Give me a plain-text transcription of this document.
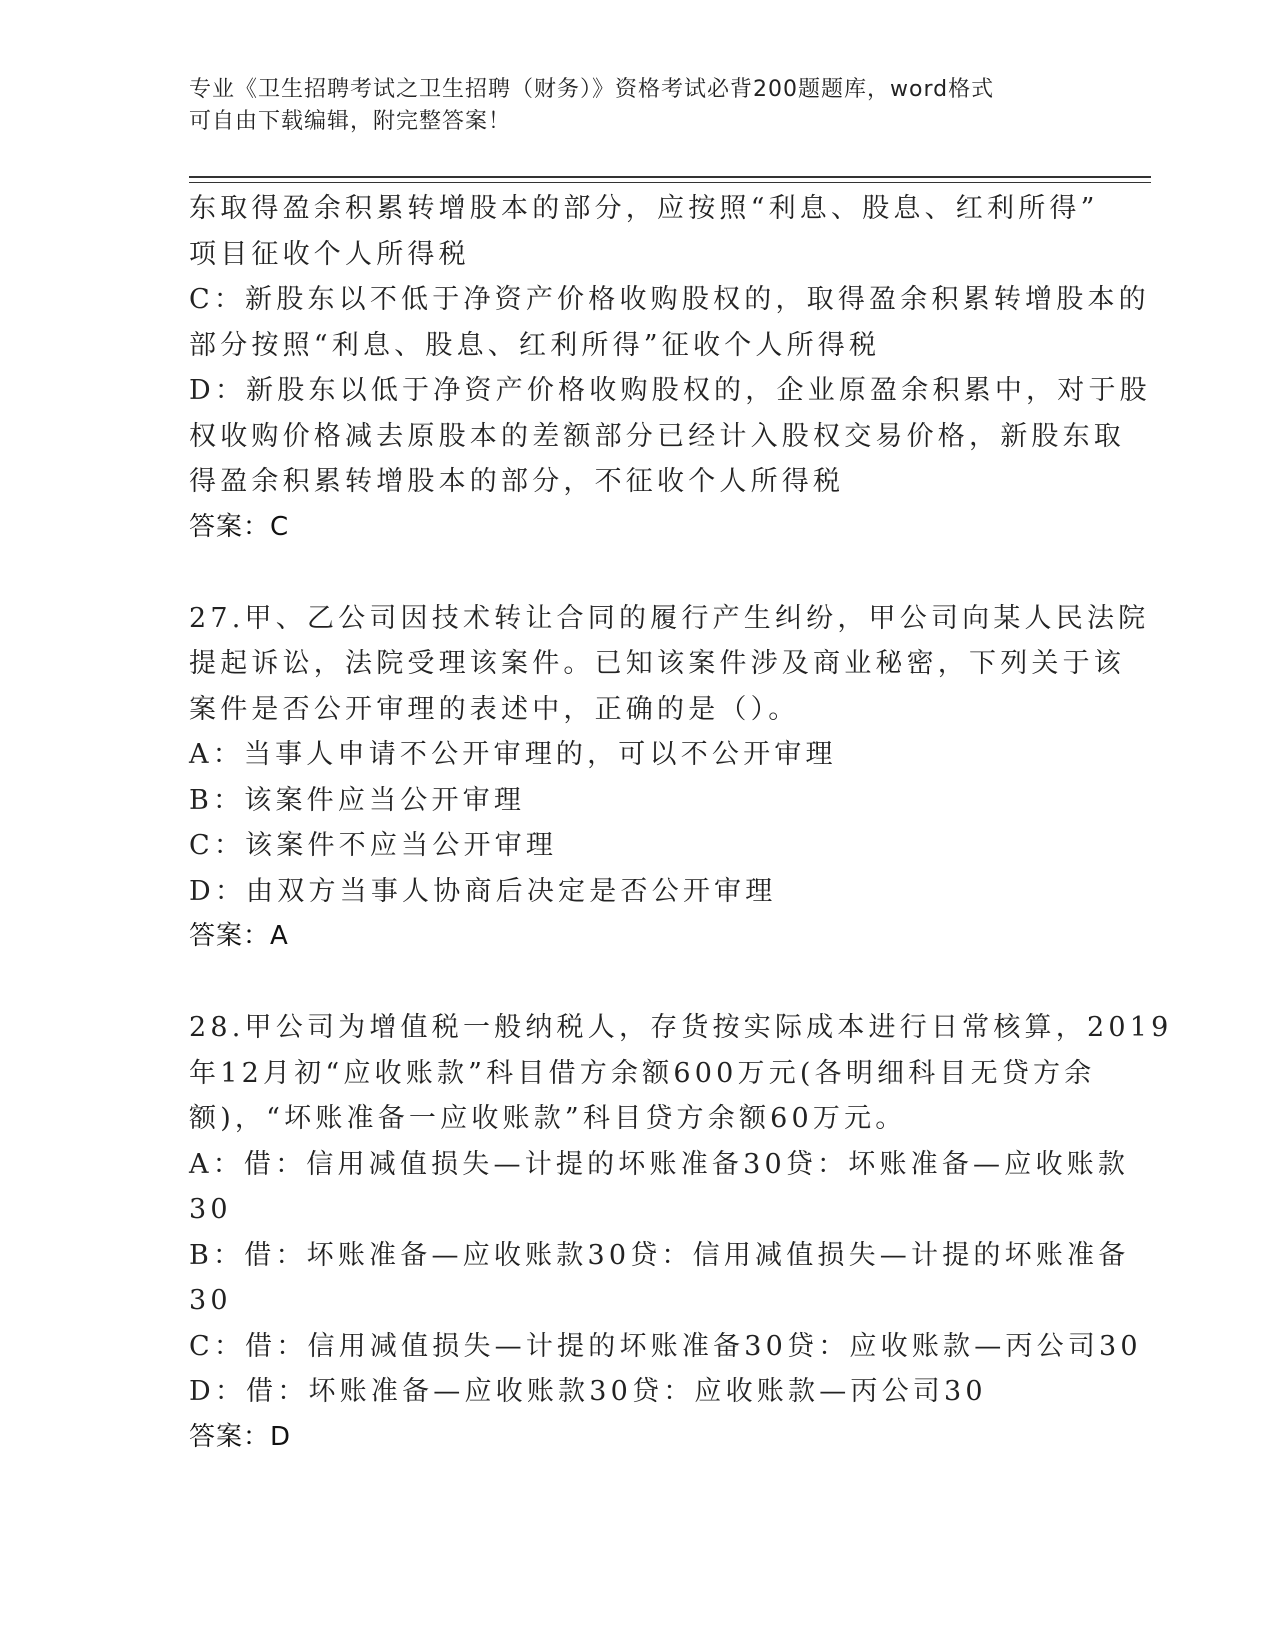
专业《卫生招聘考试之卫生招聘（财务）》资格考试必背200题题库，word格式
可自由下载编辑，附完整答案！
东取得盈余积累转增股本的部分，应按照“利息、股息、红利所得”
项目征收个人所得税
C：新股东以不低于净资产价格收购股权的，取得盈余积累转增股本的
部分按照“利息、股息、红利所得”征收个人所得税
D：新股东以低于净资产价格收购股权的，企业原盈余积累中，对于股
权收购价格减去原股本的差额部分已经计入股权交易价格，新股东取
得盈余积累转增股本的部分，不征收个人所得税
答案：C
27.甲、乙公司因技术转让合同的履行产生纠纷，甲公司向某人民法院
提起诉讼，法院受理该案件。已知该案件涉及商业秘密，下列关于该
案件是否公开审理的表述中，正确的是（）。
A：当事人申请不公开审理的，可以不公开审理
B：该案件应当公开审理
C：该案件不应当公开审理
D：由双方当事人协商后决定是否公开审理
答案：A
28.甲公司为增值税一般纳税人，存货按实际成本进行日常核算，2019
年12月初“应收账款”科目借方余额600万元(各明细科目无贷方余
额)，“坏账准备一应收账款”科目贷方余额60万元。
A：借：信用减值损失—计提的坏账准备30贷：坏账准备—应收账款
30
B：借：坏账准备—应收账款30贷：信用减值损失—计提的坏账准备
30
C：借：信用减值损失—计提的坏账准备30贷：应收账款—丙公司30
D：借：坏账准备—应收账款30贷：应收账款—丙公司30
答案：D
